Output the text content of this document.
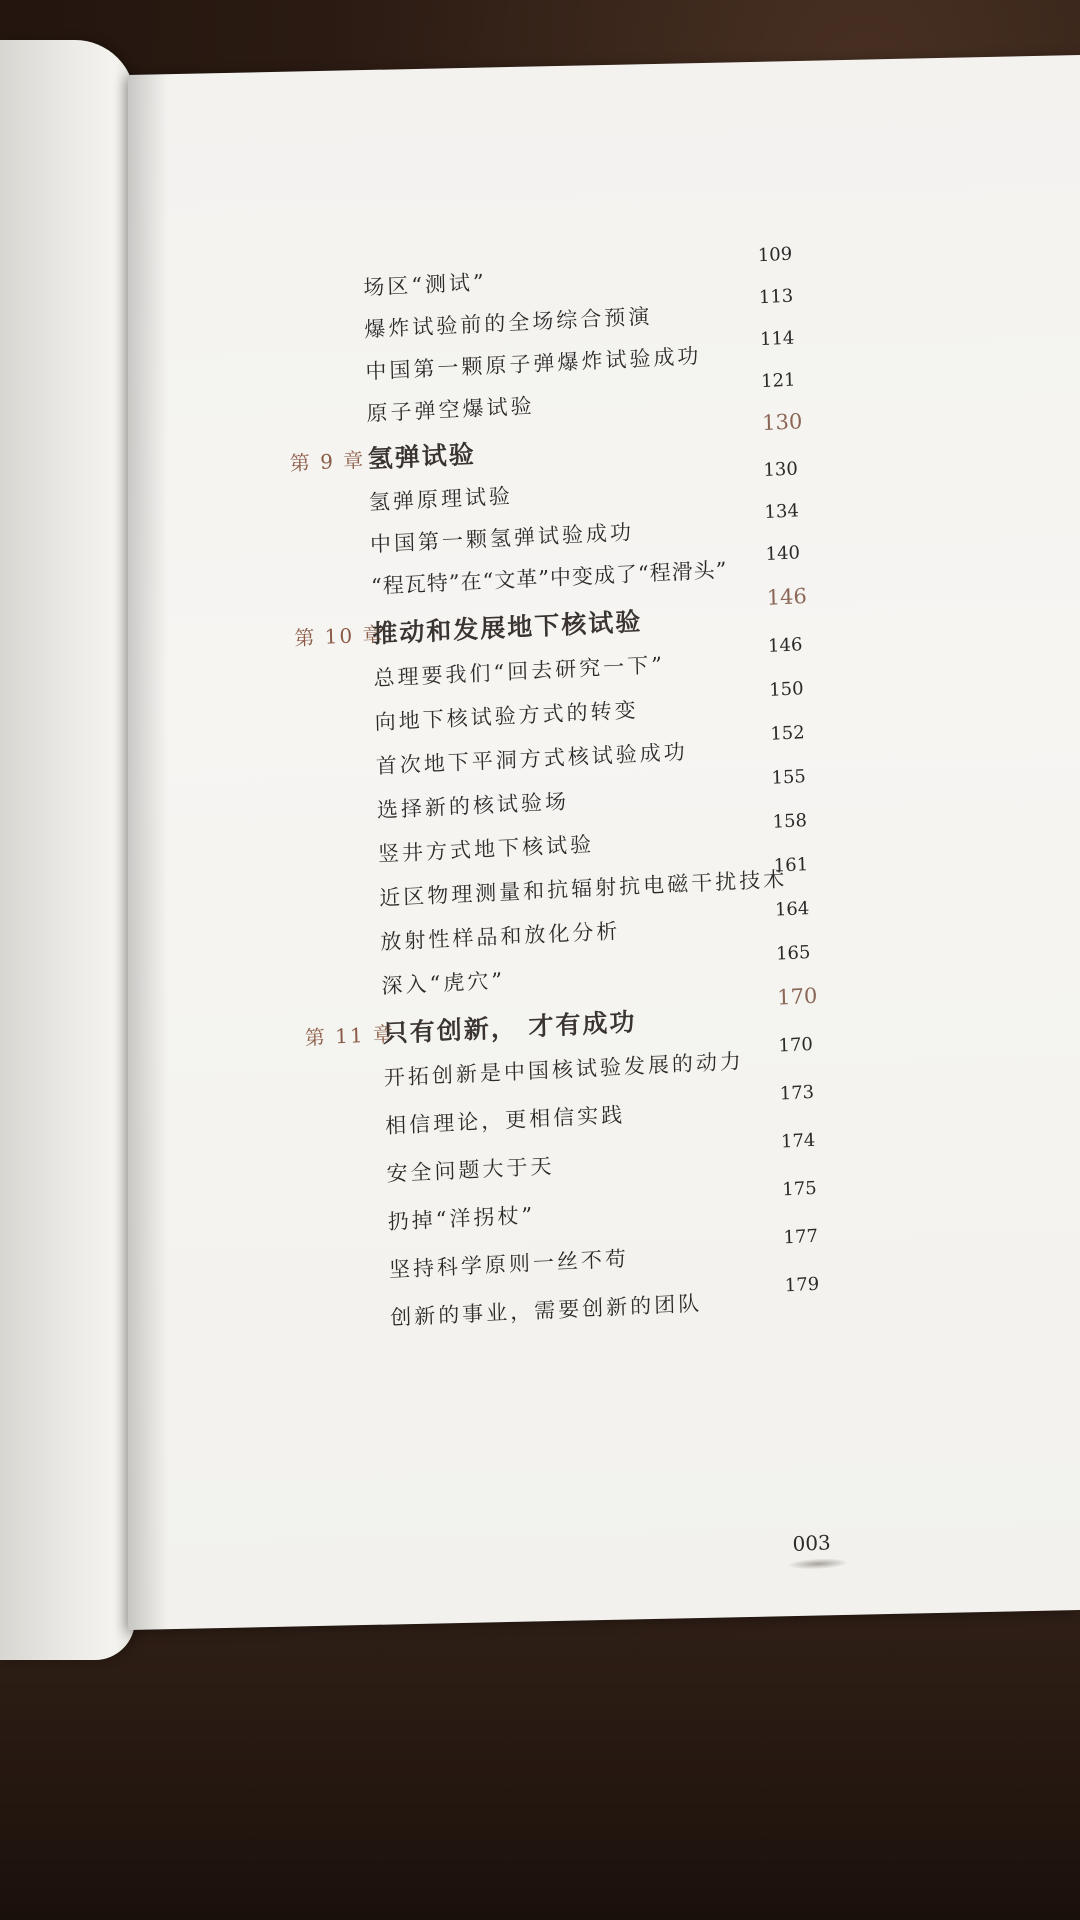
场区“测试”
109
爆炸试验前的全场综合预演
113
中国第一颗原子弹爆炸试验成功
114
原子弹空爆试验
121
第 9 章 氢弹试验
130
氢弹原理试验
130
中国第一颗氢弹试验成功
134
“程瓦特”在“文革”中变成了“程滑头”
140
第 10 章
推动和发展地下核试验
146
总理要我们“回去研究一下”
146
向地下核试验方式的转变
150
首次地下平洞方式核试验成功
152
选择新的核试验场
155
竖井方式地下核试验
158
近区物理测量和抗辐射抗电磁干扰技术
161
放射性样品和放化分析
164
深入“虎穴”
165
第 11 章
只有创新， 才有成功
170
开拓创新是中国核试验发展的动力
170
相信理论，更相信实践
173
安全问题大于天
174
扔掉“洋拐杖”
175
坚持科学原则一丝不苟
177
创新的事业，需要创新的团队
179
003
